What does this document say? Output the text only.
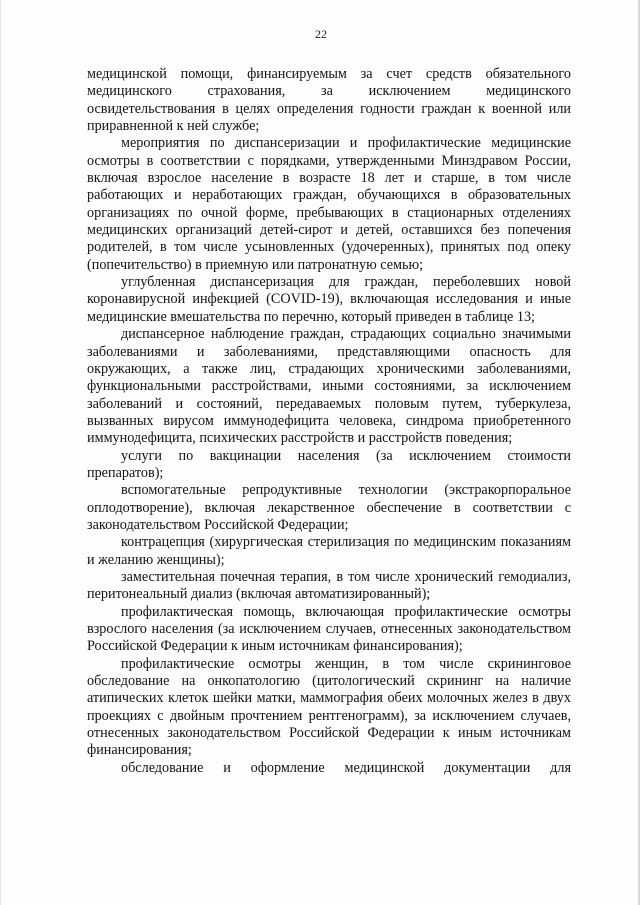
22

медицинской помощи, финансируемым за счет средств обязательного медицинского страхования, за исключением медицинского освидетельствования в целях определения годности граждан к военной или приравненной к ней службе;

мероприятия по диспансеризации и профилактические медицинские осмотры в соответствии с порядками, утвержденными Минздравом России, включая взрослое население в возрасте 18 лет и старше, в том числе работающих и неработающих граждан, обучающихся в образовательных организациях по очной форме, пребывающих в стационарных отделениях медицинских организаций детей-сирот и детей, оставшихся без попечения родителей, в том числе усыновленных (удочеренных), принятых под опеку (попечительство) в приемную или патронатную семью;

углубленная диспансеризация для граждан, переболевших новой коронавирусной инфекцией (COVID-19), включающая исследования и иные медицинские вмешательства по перечню, который приведен в таблице 13;

диспансерное наблюдение граждан, страдающих социально значимыми заболеваниями и заболеваниями, представляющими опасность для окружающих, а также лиц, страдающих хроническими заболеваниями, функциональными расстройствами, иными состояниями, за исключением заболеваний и состояний, передаваемых половым путем, туберкулеза, вызванных вирусом иммунодефицита человека, синдрома приобретенного иммунодефицита, психических расстройств и расстройств поведения;

услуги по вакцинации населения (за исключением стоимости препаратов);

вспомогательные репродуктивные технологии (экстракорпоральное оплодотворение), включая лекарственное обеспечение в соответствии с законодательством Российской Федерации;

контрацепция (хирургическая стерилизация по медицинским показаниям и желанию женщины);

заместительная почечная терапия, в том числе хронический гемодиализ, перитонеальный диализ (включая автоматизированный);

профилактическая помощь, включающая профилактические осмотры взрослого населения (за исключением случаев, отнесенных законодательством Российской Федерации к иным источникам финансирования);

профилактические осмотры женщин, в том числе скрининговое обследование на онкопатологию (цитологический скрининг на наличие атипических клеток шейки матки, маммография обеих молочных желез в двух проекциях с двойным прочтением рентгенограмм), за исключением случаев, отнесенных законодательством Российской Федерации к иным источникам финансирования;

обследование и оформление медицинской документации для
